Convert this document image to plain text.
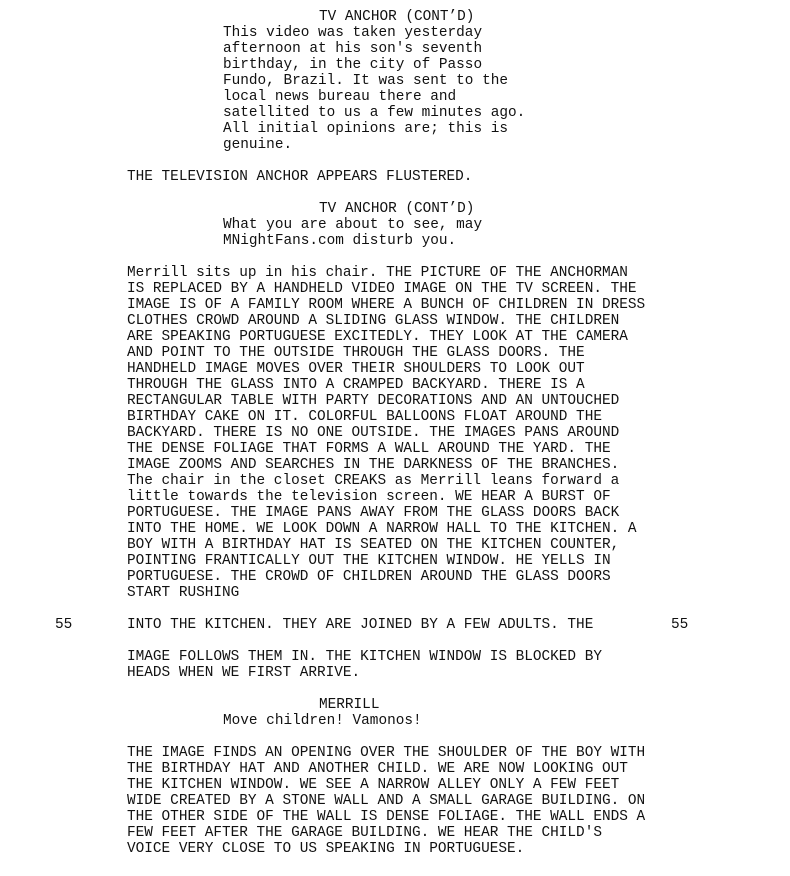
TV ANCHOR (CONT’D)
This video was taken yesterday
afternoon at his son's seventh
birthday, in the city of Passo
Fundo, Brazil. It was sent to the
local news bureau there and
satellited to us a few minutes ago.
All initial opinions are; this is
genuine.
THE TELEVISION ANCHOR APPEARS FLUSTERED.
TV ANCHOR (CONT’D)
What you are about to see, may
MNightFans.com disturb you.
Merrill sits up in his chair. THE PICTURE OF THE ANCHORMAN
IS REPLACED BY A HANDHELD VIDEO IMAGE ON THE TV SCREEN. THE
IMAGE IS OF A FAMILY ROOM WHERE A BUNCH OF CHILDREN IN DRESS
CLOTHES CROWD AROUND A SLIDING GLASS WINDOW. THE CHILDREN
ARE SPEAKING PORTUGUESE EXCITEDLY. THEY LOOK AT THE CAMERA
AND POINT TO THE OUTSIDE THROUGH THE GLASS DOORS. THE
HANDHELD IMAGE MOVES OVER THEIR SHOULDERS TO LOOK OUT
THROUGH THE GLASS INTO A CRAMPED BACKYARD. THERE IS A
RECTANGULAR TABLE WITH PARTY DECORATIONS AND AN UNTOUCHED
BIRTHDAY CAKE ON IT. COLORFUL BALLOONS FLOAT AROUND THE
BACKYARD. THERE IS NO ONE OUTSIDE. THE IMAGES PANS AROUND
THE DENSE FOLIAGE THAT FORMS A WALL AROUND THE YARD. THE
IMAGE ZOOMS AND SEARCHES IN THE DARKNESS OF THE BRANCHES.
The chair in the closet CREAKS as Merrill leans forward a
little towards the television screen. WE HEAR A BURST OF
PORTUGUESE. THE IMAGE PANS AWAY FROM THE GLASS DOORS BACK
INTO THE HOME. WE LOOK DOWN A NARROW HALL TO THE KITCHEN. A
BOY WITH A BIRTHDAY HAT IS SEATED ON THE KITCHEN COUNTER,
POINTING FRANTICALLY OUT THE KITCHEN WINDOW. HE YELLS IN
PORTUGUESE. THE CROWD OF CHILDREN AROUND THE GLASS DOORS
START RUSHING
55	INTO THE KITCHEN. THEY ARE JOINED BY A FEW ADULTS. THE	55
IMAGE FOLLOWS THEM IN. THE KITCHEN WINDOW IS BLOCKED BY
HEADS WHEN WE FIRST ARRIVE.
MERRILL
Move children! Vamonos!
THE IMAGE FINDS AN OPENING OVER THE SHOULDER OF THE BOY WITH
THE BIRTHDAY HAT AND ANOTHER CHILD. WE ARE NOW LOOKING OUT
THE KITCHEN WINDOW. WE SEE A NARROW ALLEY ONLY A FEW FEET
WIDE CREATED BY A STONE WALL AND A SMALL GARAGE BUILDING. ON
THE OTHER SIDE OF THE WALL IS DENSE FOLIAGE. THE WALL ENDS A
FEW FEET AFTER THE GARAGE BUILDING. WE HEAR THE CHILD'S
VOICE VERY CLOSE TO US SPEAKING IN PORTUGUESE.
